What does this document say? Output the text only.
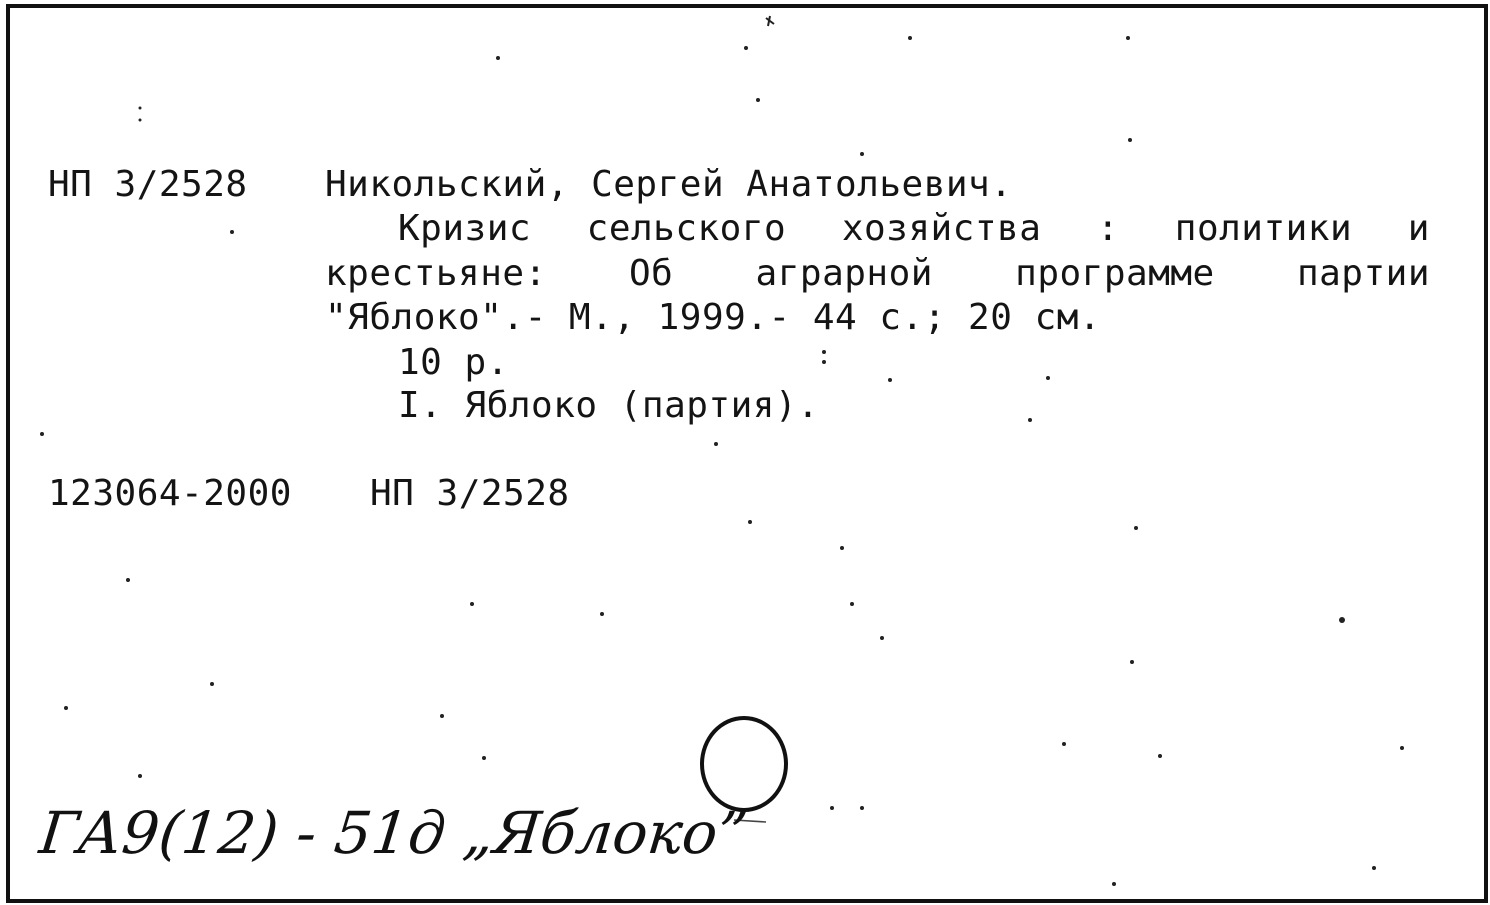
НП 3/2528 Никольский, Сергей Анатольевич.
Кризис сельского хозяйства : политики и
крестьяне: Об аграрной программе партии
"Яблоко".- М., 1999.- 44 с.; 20 см.
10 р.
I. Яблоко (партия).
123064-2000 НП 3/2528
ГА9(12) - 51д „Яблоко”
